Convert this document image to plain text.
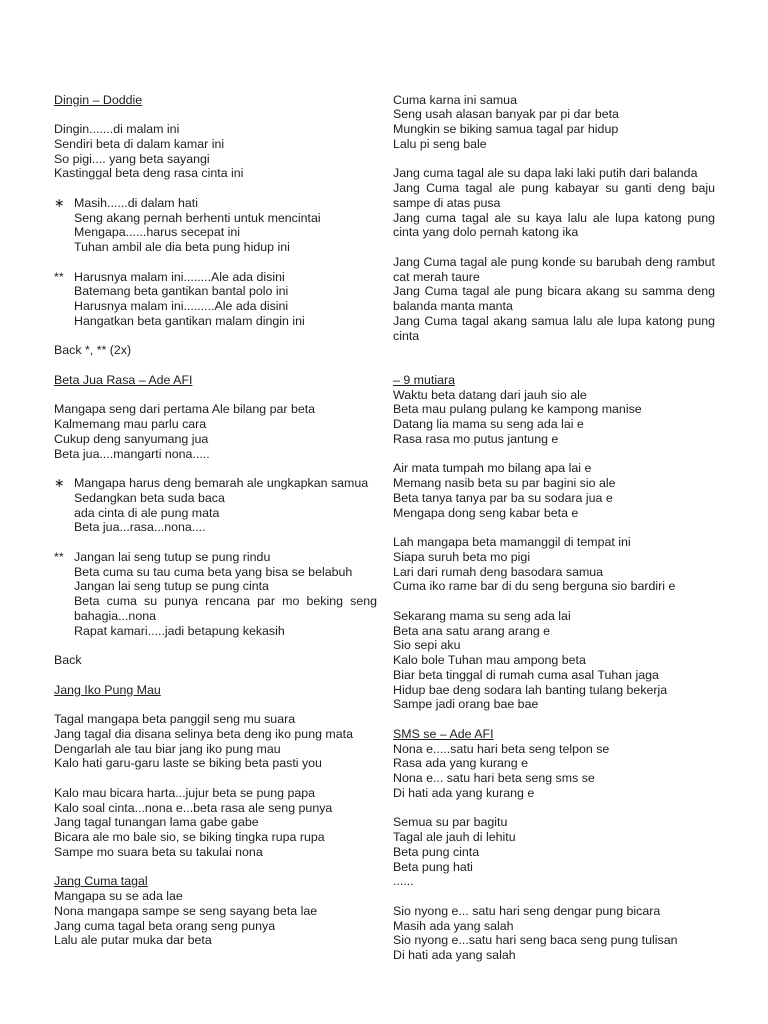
Dingin – Doddie
Dingin.......di malam ini
Sendiri beta di dalam kamar ini
So pigi.... yang beta sayangi
Kastinggal beta deng rasa cinta ini
∗ Masih......di dalam hati
Seng akang pernah berhenti untuk mencintai
Mengapa......harus secepat ini
Tuhan ambil ale dia beta pung hidup ini
** Harusnya malam ini........Ale ada disini
Batemang beta gantikan bantal polo ini
Harusnya malam ini.........Ale ada disini
Hangatkan beta gantikan malam dingin ini
Back *, ** (2x)
Beta Jua Rasa – Ade AFI
Mangapa seng dari pertama Ale bilang par beta
Kalmemang mau parlu cara
Cukup deng sanyumang jua
Beta jua....mangarti nona.....
∗ Mangapa harus deng bemarah ale ungkapkan samua
Sedangkan beta suda baca
ada cinta di ale pung mata
Beta jua...rasa...nona....
** Jangan lai seng tutup se pung rindu
Beta cuma su tau cuma beta yang bisa se belabuh
Jangan lai seng tutup se pung cinta
Beta cuma su punya rencana par mo beking seng bahagia...nona
Rapat kamari.....jadi betapung kekasih
Back
Jang Iko Pung Mau
Tagal mangapa beta panggil seng mu suara
Jang tagal dia disana selinya beta deng iko pung mata
Dengarlah ale tau biar jang iko pung mau
Kalo hati garu-garu laste se biking beta pasti you
Kalo mau bicara harta...jujur beta se pung papa
Kalo soal cinta...nona e...beta rasa ale seng punya
Jang tagal tunangan lama gabe gabe
Bicara ale mo bale sio, se biking tingka rupa rupa
Sampe mo suara beta su takulai nona
Jang Cuma tagal
Mangapa su se ada lae
Nona mangapa sampe se seng sayang beta lae
Jang cuma tagal beta orang seng punya
Lalu ale putar muka dar beta
Cuma karna ini samua
Seng usah alasan banyak par pi dar beta
Mungkin se biking samua tagal par hidup
Lalu pi seng bale
Jang cuma tagal ale su dapa laki laki putih dari balanda
Jang Cuma tagal ale pung kabayar su ganti deng baju sampe di atas pusa
Jang cuma tagal ale su kaya lalu ale lupa katong pung cinta yang dolo pernah katong ika
Jang Cuma tagal ale pung konde su barubah deng rambut cat merah taure
Jang Cuma tagal ale pung bicara akang su samma deng balanda manta manta
Jang Cuma tagal akang samua lalu ale lupa katong pung cinta
– 9 mutiara
Waktu beta datang dari jauh sio ale
Beta mau pulang pulang ke kampong manise
Datang lia mama su seng ada lai e
Rasa rasa mo putus jantung e
Air mata tumpah mo bilang apa lai e
Memang nasib beta su par bagini sio ale
Beta tanya tanya par ba su sodara jua e
Mengapa dong seng kabar beta e
Lah mangapa beta mamanggil di tempat ini
Siapa suruh beta mo pigi
Lari dari rumah deng basodara samua
Cuma iko rame bar di du seng berguna sio bardiri e
Sekarang mama su seng ada lai
Beta ana satu arang arang e
Sio sepi aku
Kalo bole Tuhan mau ampong beta
Biar beta tinggal di rumah cuma asal Tuhan jaga
Hidup bae deng sodara lah banting tulang bekerja
Sampe jadi orang bae bae
SMS se – Ade AFI
Nona e.....satu hari beta seng telpon se
Rasa ada yang kurang e
Nona e... satu hari beta seng sms se
Di hati ada yang kurang e
Semua su par bagitu
Tagal ale jauh di lehitu
Beta pung cinta
Beta pung hati
......
Sio nyong e... satu hari seng dengar pung bicara
Masih ada yang salah
Sio nyong e...satu hari seng baca seng pung tulisan
Di hati ada yang salah
